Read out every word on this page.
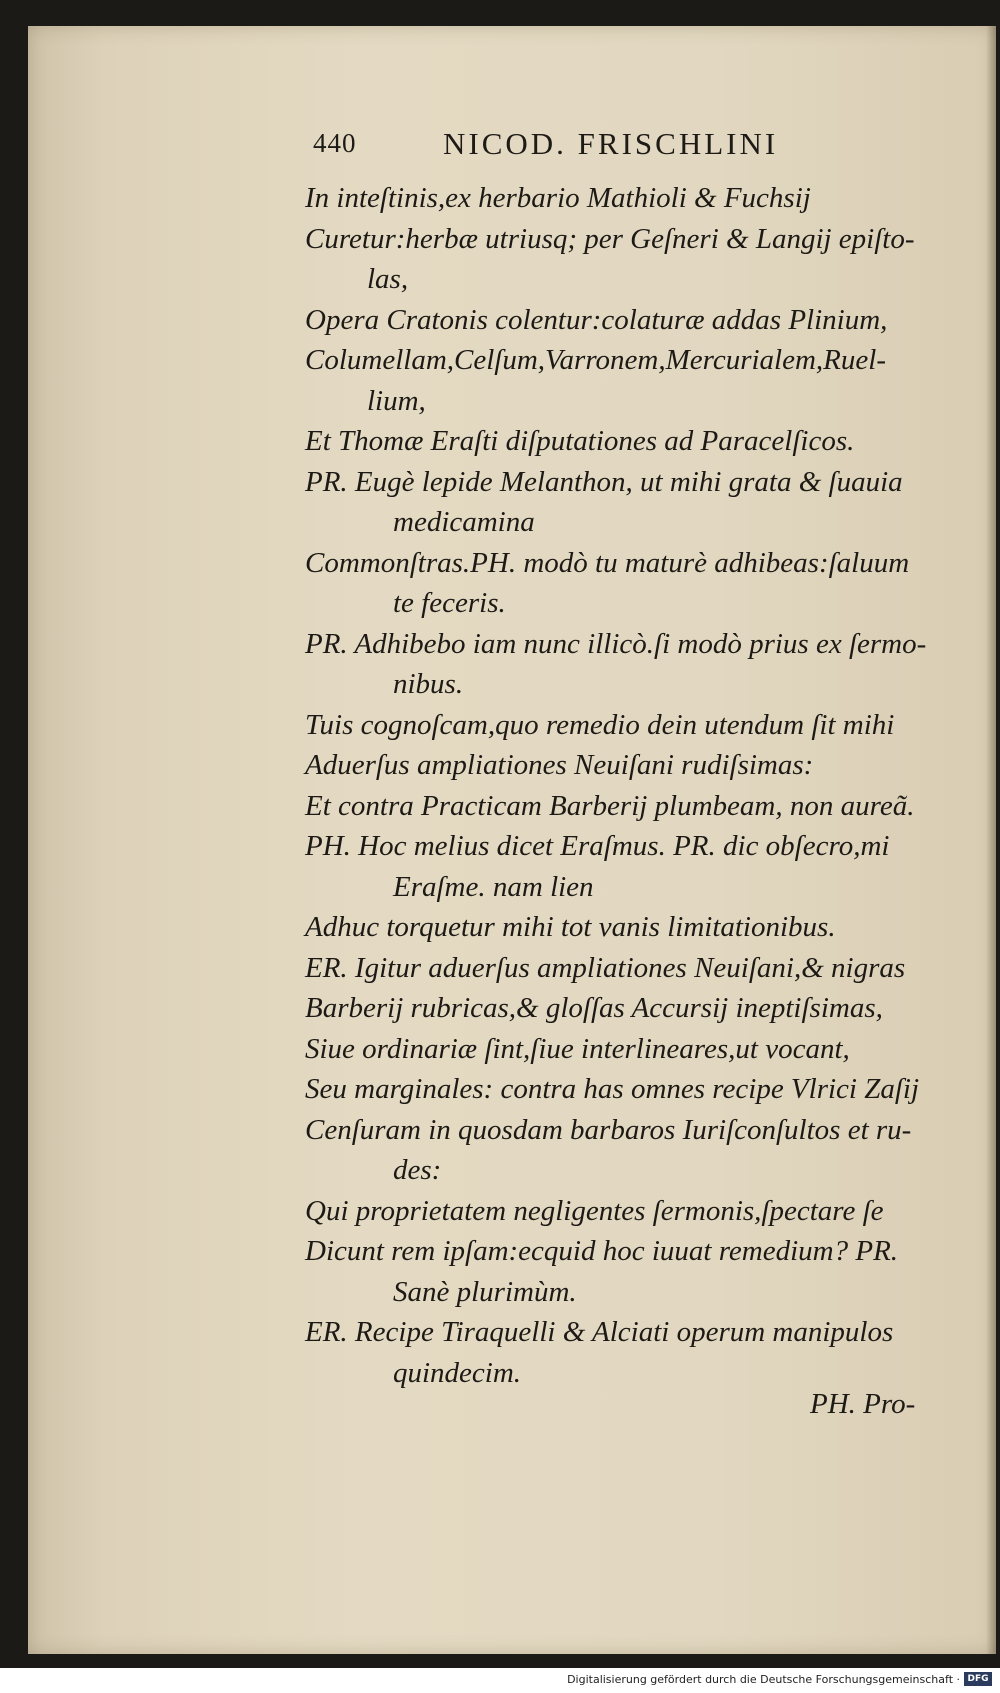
440	NICOD. FRISCHLINI
In inteſtinis,ex herbario Mathioli & Fuchsij
Curetur:herbæ utriusq; per Geſneri & Langij epiſto-
las,
Opera Cratonis colentur:colaturæ addas Plinium,
Columellam,Celſum,Varronem,Mercurialem,Ruel-
lium,
Et Thomæ Eraſti diſputationes ad Paracelſicos.
PR. Eugè lepide Melanthon, ut mihi grata & ſuauia
medicamina
Commonſtras.PH. modò tu maturè adhibeas:ſaluum
te feceris.
PR. Adhibebo iam nunc illicò.ſi modò prius ex ſermo-
nibus.
Tuis cognoſcam,quo remedio dein utendum ſit mihi
Aduerſus ampliationes Neuiſani rudiſsimas:
Et contra Practicam Barberij plumbeam, non aureã.
PH. Hoc melius dicet Eraſmus. PR. dic obſecro,mi
Eraſme. nam lien
Adhuc torquetur mihi tot vanis limitationibus.
ER. Igitur aduerſus ampliationes Neuiſani,& nigras
Barberij rubricas,& gloſſas Accursij ineptiſsimas,
Siue ordinariæ ſint,ſiue interlineares,ut vocant,
Seu marginales: contra has omnes recipe Vlrici Zaſij
Cenſuram in quosdam barbaros Iuriſconſultos et ru-
des:
Qui proprietatem negligentes ſermonis,ſpectare ſe
Dicunt rem ipſam:ecquid hoc iuuat remedium? PR.
Sanè plurimùm.
ER. Recipe Tiraquelli & Alciati operum manipulos
quindecim.
PH. Pro-
Digitalisierung gefördert durch die Deutsche Forschungsgemeinschaft · DFG
